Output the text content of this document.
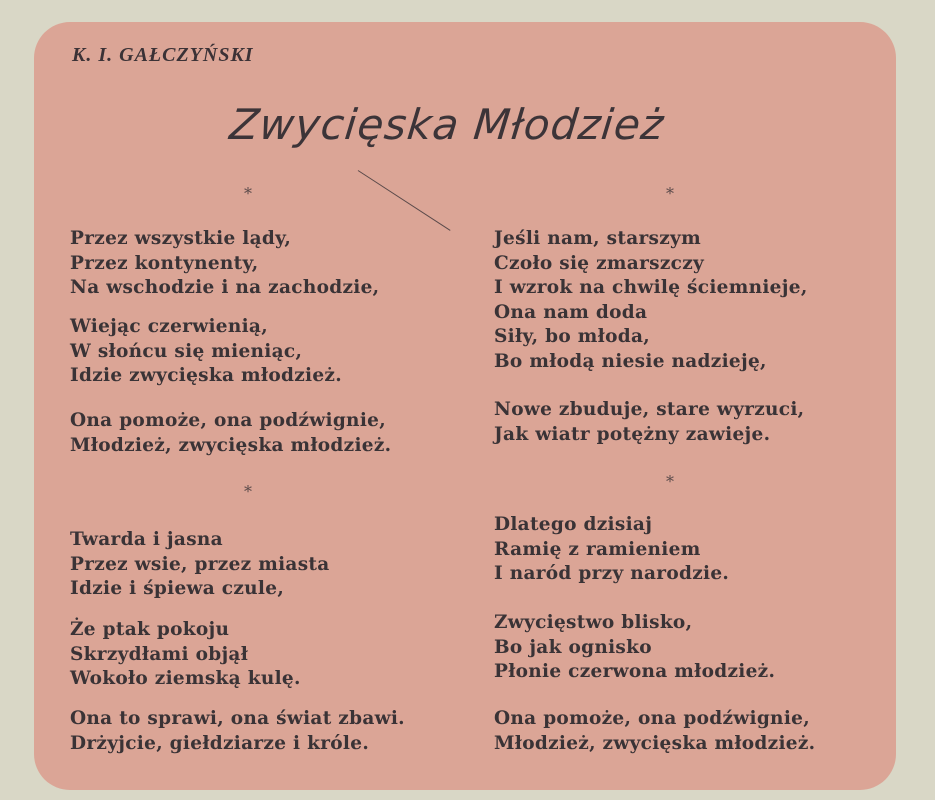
K. I. GAŁCZYŃSKI
Zwycięska Młodzież
*	*
*
*
Przez wszystkie lądy,
Przez kontynenty,
Na wschodzie i na zachodzie,
Wiejąc czerwienią,
W słońcu się mieniąc,
Idzie zwycięska młodzież.
Ona pomoże, ona podźwignie,
Młodzież, zwycięska młodzież.
Twarda i jasna
Przez wsie, przez miasta
Idzie i śpiewa czule,
Że ptak pokoju
Skrzydłami objął
Wokoło ziemską kulę.
Ona to sprawi, ona świat zbawi.
Drżyjcie, giełdziarze i króle.
Jeśli nam, starszym
Czoło się zmarszczy
I wzrok na chwilę ściemnieje,
Ona nam doda
Siły, bo młoda,
Bo młodą niesie nadzieję,
Nowe zbuduje, stare wyrzuci,
Jak wiatr potężny zawieje.
Dlatego dzisiaj
Ramię z ramieniem
I naród przy narodzie.
Zwycięstwo blisko,
Bo jak ognisko
Płonie czerwona młodzież.
Ona pomoże, ona podźwignie,
Młodzież, zwycięska młodzież.
